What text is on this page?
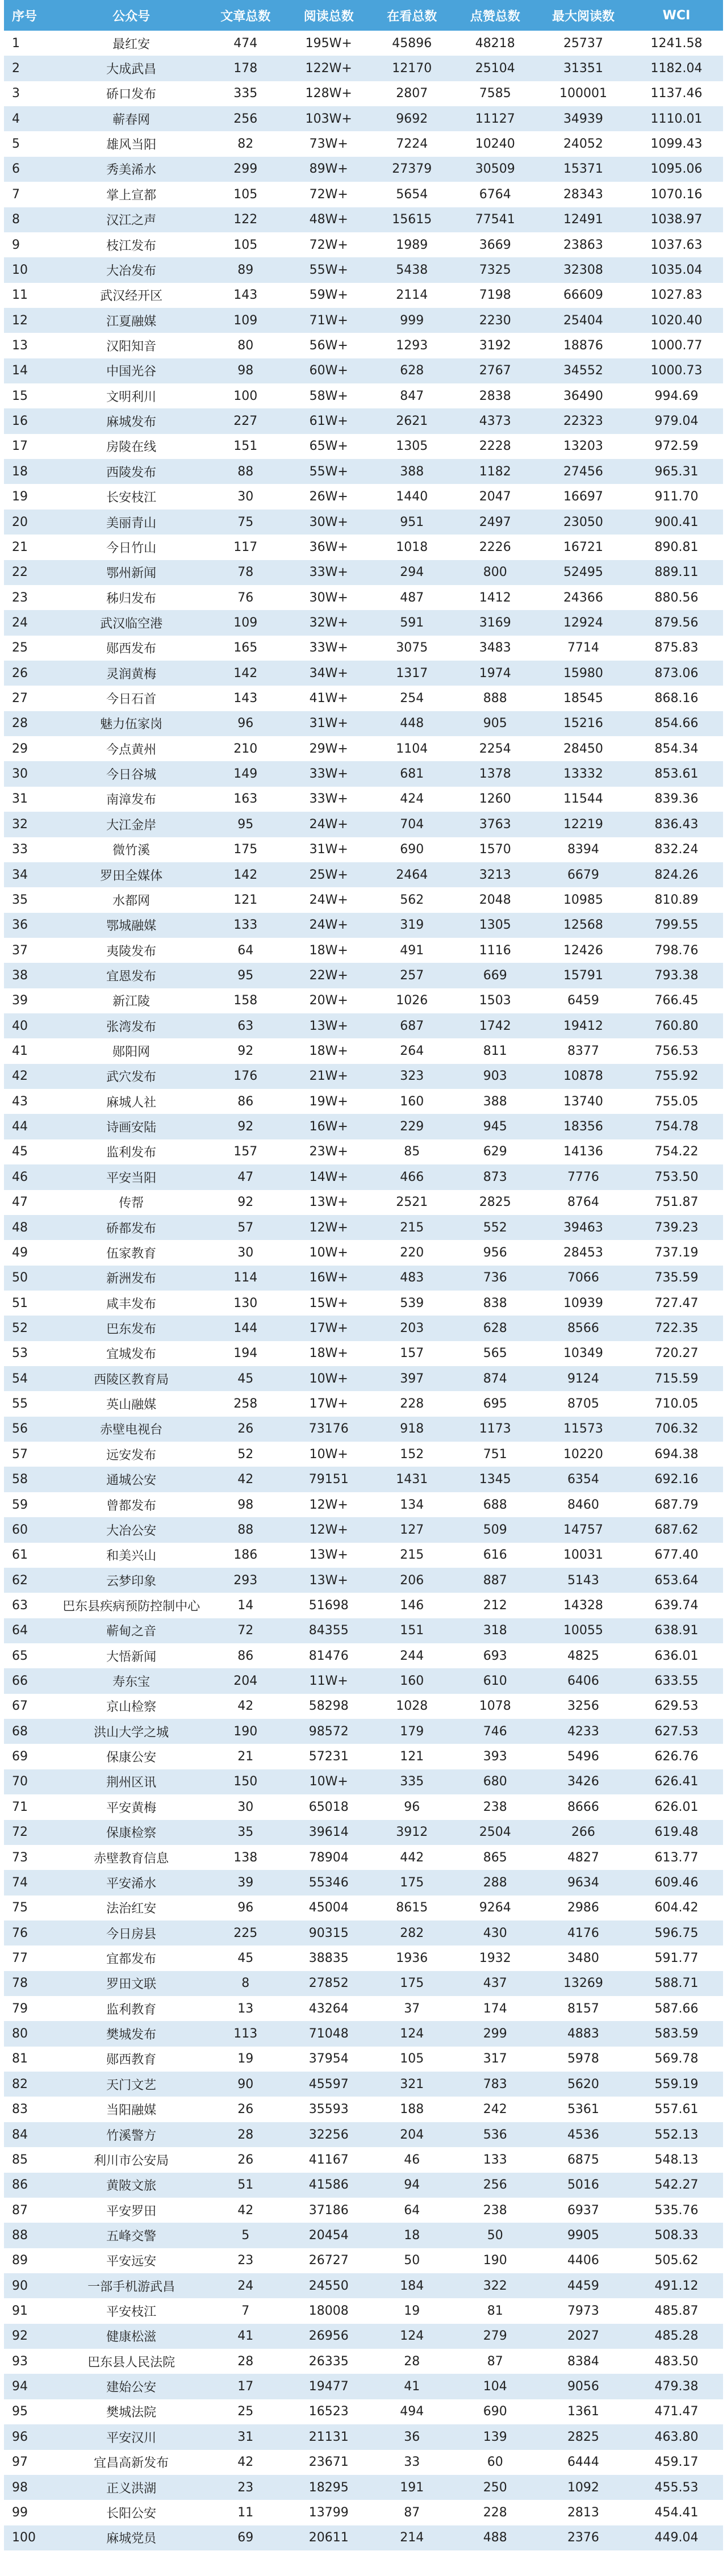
序号	公众号	文章总数	阅读总数	在看总数	点赞总数	最大阅读数	WCI
1	最红安	474	195W+	45896	48218	25737	1241.58
2	大成武昌	178	122W+	12170	25104	31351	1182.04
3	硚口发布	335	128W+	2807	7585	100001	1137.46
4	蕲春网	256	103W+	9692	11127	34939	1110.01
5	雄风当阳	82	73W+	7224	10240	24052	1099.43
6	秀美浠水	299	89W+	27379	30509	15371	1095.06
7	掌上宣都	105	72W+	5654	6764	28343	1070.16
8	汉江之声	122	48W+	15615	77541	12491	1038.97
9	枝江发布	105	72W+	1989	3669	23863	1037.63
10	大冶发布	89	55W+	5438	7325	32308	1035.04
11	武汉经开区	143	59W+	2114	7198	66609	1027.83
12	江夏融媒	109	71W+	999	2230	25404	1020.40
13	汉阳知音	80	56W+	1293	3192	18876	1000.77
14	中国光谷	98	60W+	628	2767	34552	1000.73
15	文明利川	100	58W+	847	2838	36490	994.69
16	麻城发布	227	61W+	2621	4373	22323	979.04
17	房陵在线	151	65W+	1305	2228	13203	972.59
18	西陵发布	88	55W+	388	1182	27456	965.31
19	长安枝江	30	26W+	1440	2047	16697	911.70
20	美丽青山	75	30W+	951	2497	23050	900.41
21	今日竹山	117	36W+	1018	2226	16721	890.81
22	鄂州新闻	78	33W+	294	800	52495	889.11
23	秭归发布	76	30W+	487	1412	24366	880.56
24	武汉临空港	109	32W+	591	3169	12924	879.56
25	郧西发布	165	33W+	3075	3483	7714	875.83
26	灵润黄梅	142	34W+	1317	1974	15980	873.06
27	今日石首	143	41W+	254	888	18545	868.16
28	魅力伍家岗	96	31W+	448	905	15216	854.66
29	今点黄州	210	29W+	1104	2254	28450	854.34
30	今日谷城	149	33W+	681	1378	13332	853.61
31	南漳发布	163	33W+	424	1260	11544	839.36
32	大江金岸	95	24W+	704	3763	12219	836.43
33	微竹溪	175	31W+	690	1570	8394	832.24
34	罗田全媒体	142	25W+	2464	3213	6679	824.26
35	水都网	121	24W+	562	2048	10985	810.89
36	鄂城融媒	133	24W+	319	1305	12568	799.55
37	夷陵发布	64	18W+	491	1116	12426	798.76
38	宜恩发布	95	22W+	257	669	15791	793.38
39	新江陵	158	20W+	1026	1503	6459	766.45
40	张湾发布	63	13W+	687	1742	19412	760.80
41	郧阳网	92	18W+	264	811	8377	756.53
42	武穴发布	176	21W+	323	903	10878	755.92
43	麻城人社	86	19W+	160	388	13740	755.05
44	诗画安陆	92	16W+	229	945	18356	754.78
45	监利发布	157	23W+	85	629	14136	754.22
46	平安当阳	47	14W+	466	873	7776	753.50
47	传帮	92	13W+	2521	2825	8764	751.87
48	硚都发布	57	12W+	215	552	39463	739.23
49	伍家教育	30	10W+	220	956	28453	737.19
50	新洲发布	114	16W+	483	736	7066	735.59
51	咸丰发布	130	15W+	539	838	10939	727.47
52	巴东发布	144	17W+	203	628	8566	722.35
53	宜城发布	194	18W+	157	565	10349	720.27
54	西陵区教育局	45	10W+	397	874	9124	715.59
55	英山融媒	258	17W+	228	695	8705	710.05
56	赤壁电视台	26	73176	918	1173	11573	706.32
57	远安发布	52	10W+	152	751	10220	694.38
58	通城公安	42	79151	1431	1345	6354	692.16
59	曾都发布	98	12W+	134	688	8460	687.79
60	大冶公安	88	12W+	127	509	14757	687.62
61	和美兴山	186	13W+	215	616	10031	677.40
62	云梦印象	293	13W+	206	887	5143	653.64
63	巴东县疾病预防控制中心	14	51698	146	212	14328	639.74
64	蕲甸之音	72	84355	151	318	10055	638.91
65	大悟新闻	86	81476	244	693	4825	636.01
66	寿东宝	204	11W+	160	610	6406	633.55
67	京山检察	42	58298	1028	1078	3256	629.53
68	洪山大学之城	190	98572	179	746	4233	627.53
69	保康公安	21	57231	121	393	5496	626.76
70	荆州区讯	150	10W+	335	680	3426	626.41
71	平安黄梅	30	65018	96	238	8666	626.01
72	保康检察	35	39614	3912	2504	266	619.48
73	赤壁教育信息	138	78904	442	865	4827	613.77
74	平安浠水	39	55346	175	288	9634	609.46
75	法治红安	96	45004	8615	9264	2986	604.42
76	今日房县	225	90315	282	430	4176	596.75
77	宜都发布	45	38835	1936	1932	3480	591.77
78	罗田文联	8	27852	175	437	13269	588.71
79	监利教育	13	43264	37	174	8157	587.66
80	樊城发布	113	71048	124	299	4883	583.59
81	郧西教育	19	37954	105	317	5978	569.78
82	天门文艺	90	45597	321	783	5620	559.19
83	当阳融媒	26	35593	188	242	5361	557.61
84	竹溪警方	28	32256	204	536	4536	552.13
85	利川市公安局	26	41167	46	133	6875	548.13
86	黄陂文旅	51	41586	94	256	5016	542.27
87	平安罗田	42	37186	64	238	6937	535.76
88	五峰交警	5	20454	18	50	9905	508.33
89	平安远安	23	26727	50	190	4406	505.62
90	一部手机游武昌	24	24550	184	322	4459	491.12
91	平安枝江	7	18008	19	81	7973	485.87
92	健康松滋	41	26956	124	279	2027	485.28
93	巴东县人民法院	28	26335	28	87	8384	483.50
94	建始公安	17	19477	41	104	9056	479.38
95	樊城法院	25	16523	494	690	1361	471.47
96	平安汉川	31	21131	36	139	2825	463.80
97	宜昌高新发布	42	23671	33	60	6444	459.17
98	正义洪湖	23	18295	191	250	1092	455.53
99	长阳公安	11	13799	87	228	2813	454.41
100	麻城党员	69	20611	214	488	2376	449.04
